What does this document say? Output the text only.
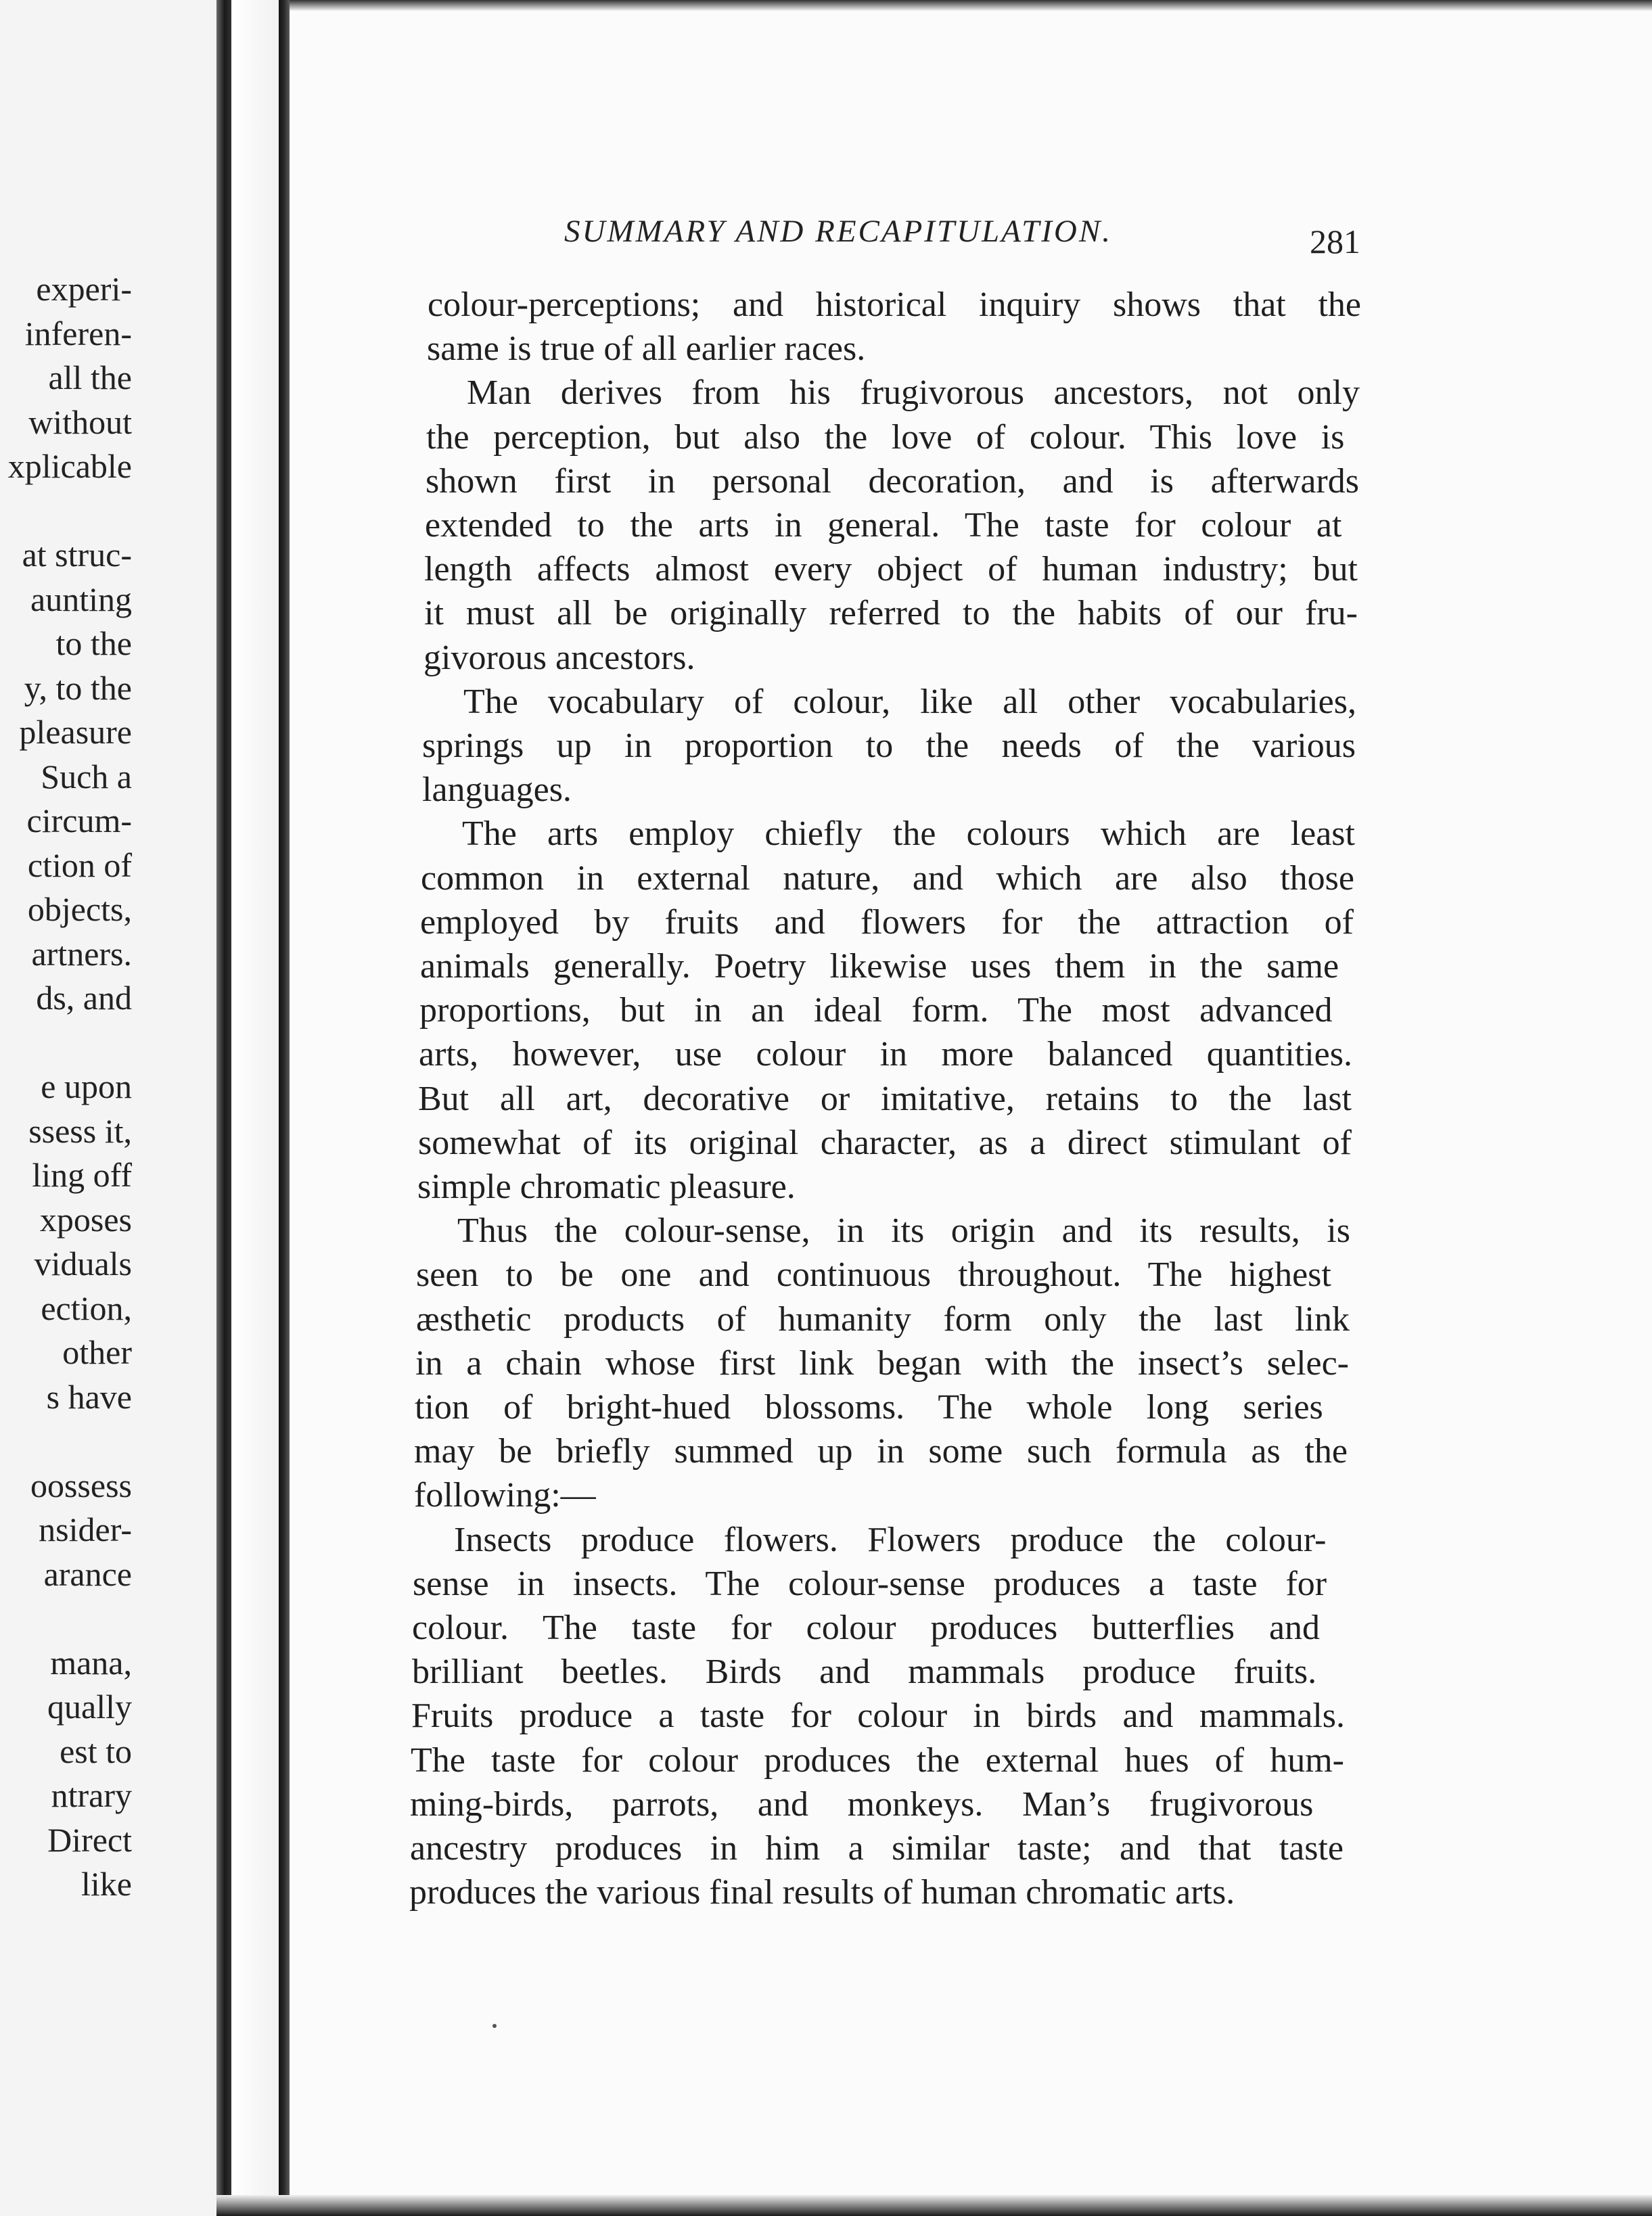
experi-
inferen-
all the
without
xplicable
at struc-
aunting
to the
y, to the
pleasure
Such a
circum-
ction of
objects,
artners.
ds, and
e upon
ssess it,
ling off
xposes
viduals
ection,
other
s have
oossess
nsider-
arance
mana,
qually
est to
ntrary
Direct
like
SUMMARY AND RECAPITULATION.	281
colour-perceptions; and historical inquiry shows that the
same is true of all earlier races.
Man derives from his frugivorous ancestors, not only
the perception, but also the love of colour. This love is
shown first in personal decoration, and is afterwards
extended to the arts in general. The taste for colour at
length affects almost every object of human industry; but
it must all be originally referred to the habits of our fru-
givorous ancestors.
The vocabulary of colour, like all other vocabularies,
springs up in proportion to the needs of the various
languages.
The arts employ chiefly the colours which are least
common in external nature, and which are also those
employed by fruits and flowers for the attraction of
animals generally. Poetry likewise uses them in the same
proportions, but in an ideal form. The most advanced
arts, however, use colour in more balanced quantities.
But all art, decorative or imitative, retains to the last
somewhat of its original character, as a direct stimulant of
simple chromatic pleasure.
Thus the colour-sense, in its origin and its results, is
seen to be one and continuous throughout. The highest
æsthetic products of humanity form only the last link
in a chain whose first link began with the insect’s selec-
tion of bright-hued blossoms. The whole long series
may be briefly summed up in some such formula as the
following:—
Insects produce flowers. Flowers produce the colour-
sense in insects. The colour-sense produces a taste for
colour. The taste for colour produces butterflies and
brilliant beetles. Birds and mammals produce fruits.
Fruits produce a taste for colour in birds and mammals.
The taste for colour produces the external hues of hum-
ming-birds, parrots, and monkeys. Man’s frugivorous
ancestry produces in him a similar taste; and that taste
produces the various final results of human chromatic arts.
